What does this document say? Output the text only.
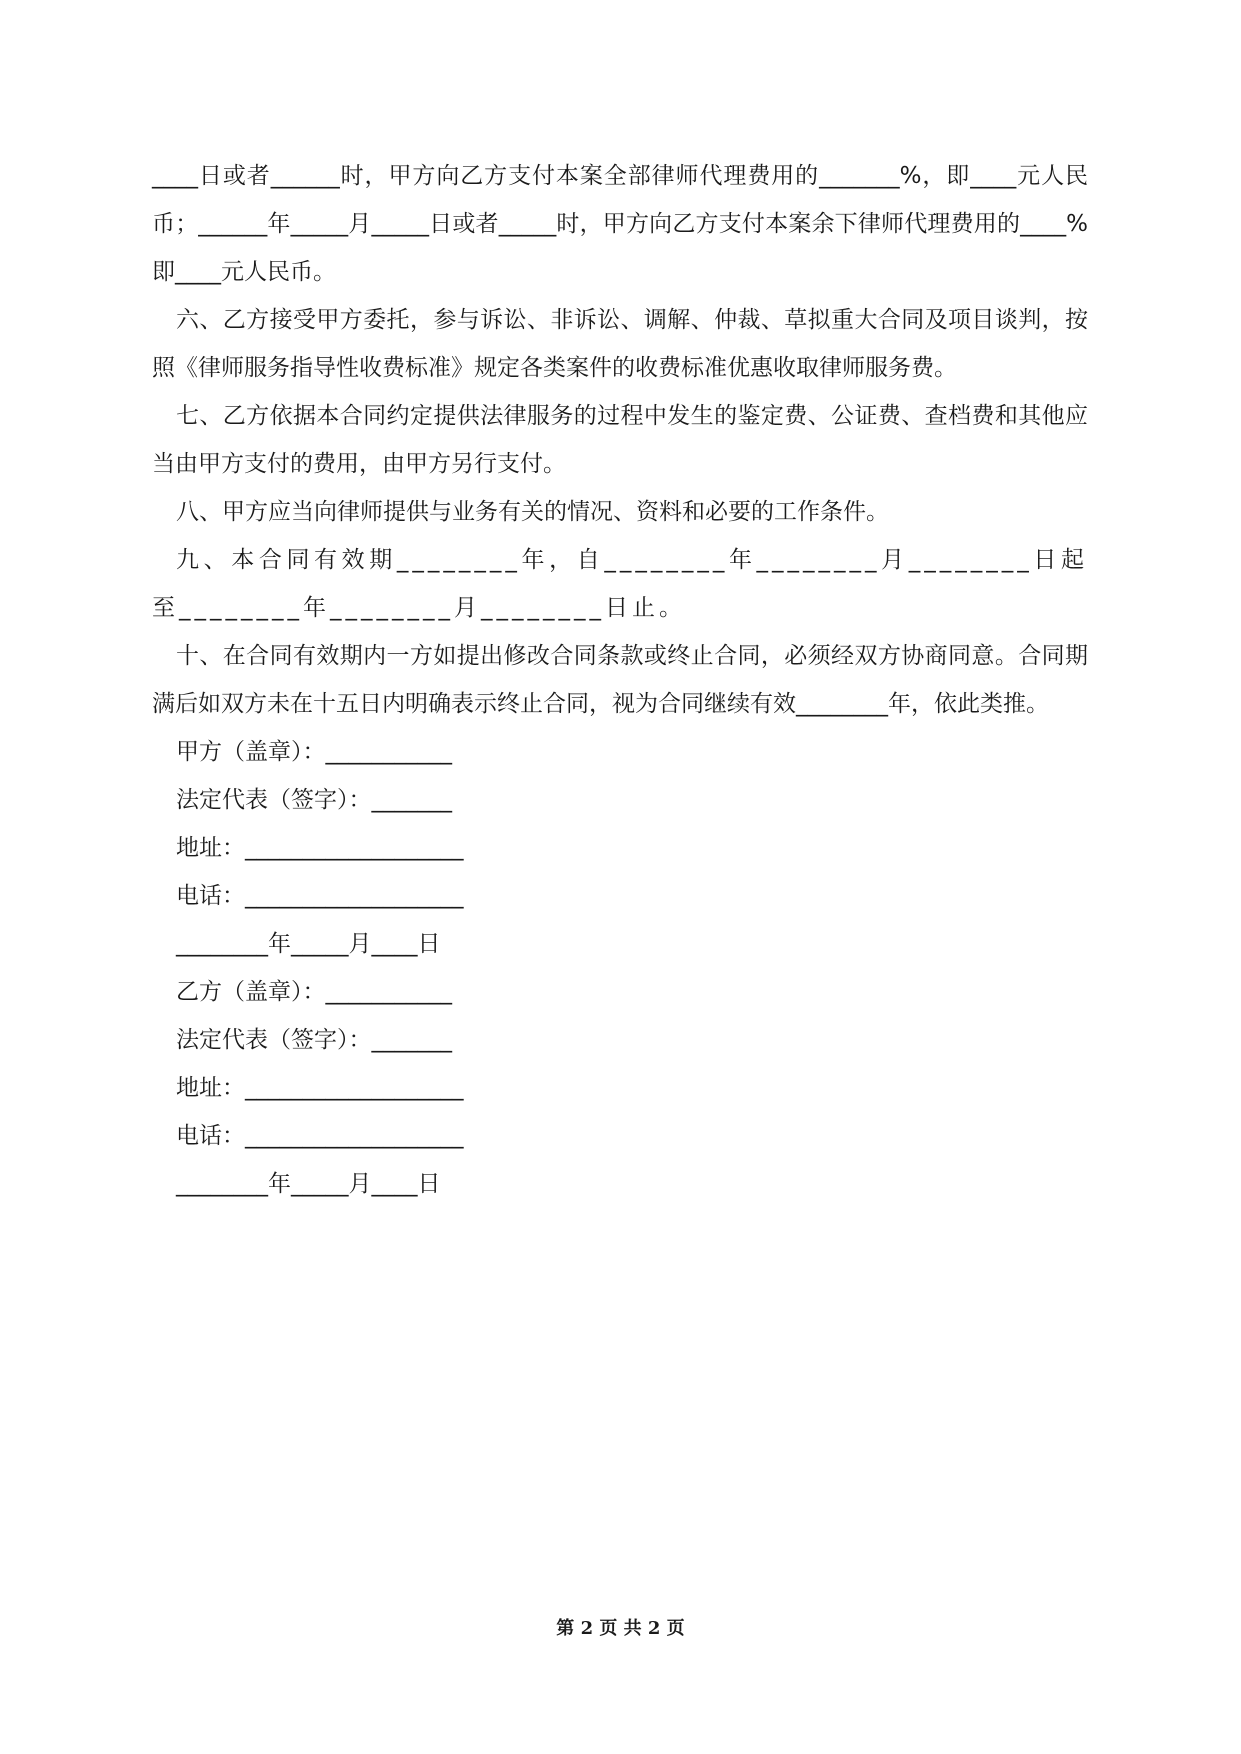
____日或者______时，甲方向乙方支付本案全部律师代理费用的_______%，即____元人民币；______年_____月_____日或者_____时，甲方向乙方支付本案余下律师代理费用的____%即____元人民币。

六、乙方接受甲方委托，参与诉讼、非诉讼、调解、仲裁、草拟重大合同及项目谈判，按照《律师服务指导性收费标准》规定各类案件的收费标准优惠收取律师服务费。

七、乙方依据本合同约定提供法律服务的过程中发生的鉴定费、公证费、查档费和其他应当由甲方支付的费用，由甲方另行支付。

八、甲方应当向律师提供与业务有关的情况、资料和必要的工作条件。

九、本合同有效期________年，自________年________月________日起至________年________月________日止。

十、在合同有效期内一方如提出修改合同条款或终止合同，必须经双方协商同意。合同期满后如双方未在十五日内明确表示终止合同，视为合同继续有效________年，依此类推。

甲方（盖章）：___________

法定代表（签字）：_______

地址：___________________

电话：___________________

________年_____月____日

乙方（盖章）：___________

法定代表（签字）：_______

地址：___________________

电话：___________________

________年_____月____日

第 2 页 共 2 页
